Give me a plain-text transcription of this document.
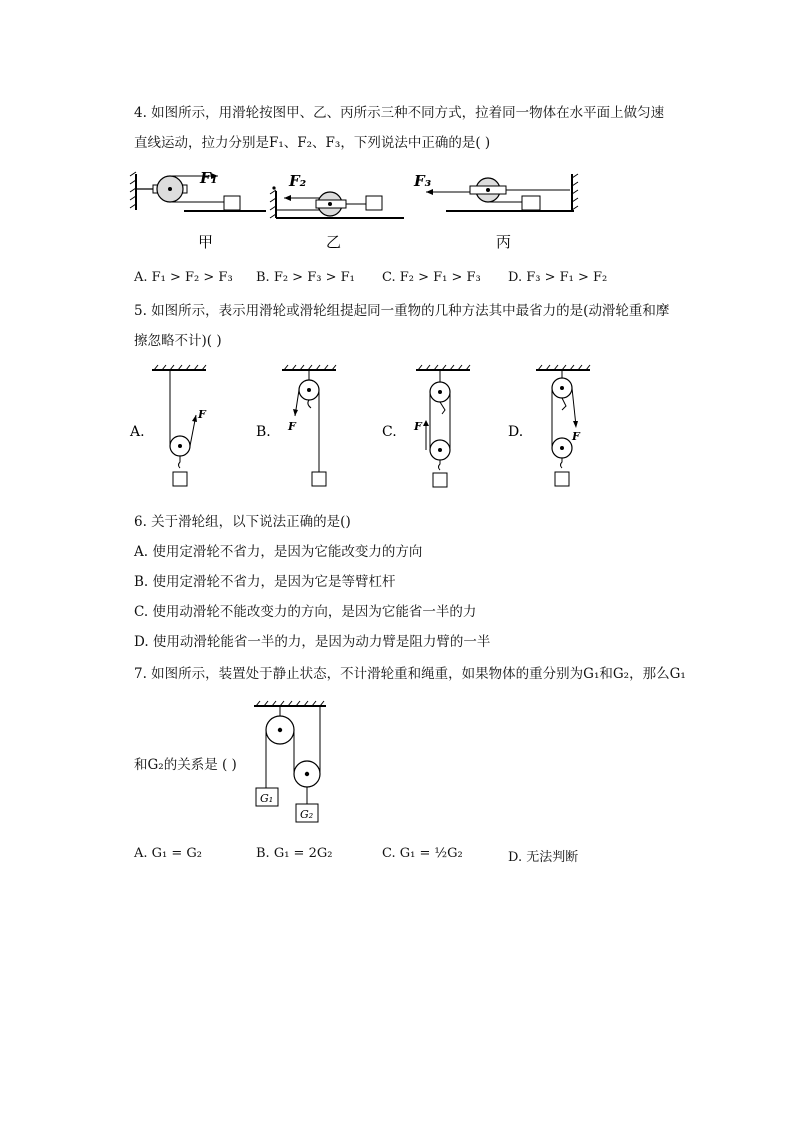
4. 如图所示，用滑轮按图甲、乙、丙所示三种不同方式，拉着同一物体在水平面上做匀速
直线运动，拉力分别是F₁、F₂、F₃，下列说法中正确的是( )
F₁
甲
F₂
乙
F₃
丙
A. F₁ > F₂ > F₃ B. F₂ > F₃ > F₁ C. F₂ > F₁ > F₃ D. F₃ > F₁ > F₂
5. 如图所示，表示用滑轮或滑轮组提起同一重物的几种方法其中最省力的是(动滑轮重和摩
擦忽略不计)( )
A.	B.	C.	D.
F
F	F
F
6. 关于滑轮组，以下说法正确的是()
A. 使用定滑轮不省力，是因为它能改变力的方向
B. 使用定滑轮不省力，是因为它是等臂杠杆
C. 使用动滑轮不能改变力的方向，是因为它能省一半的力
D. 使用动滑轮能省一半的力，是因为动力臂是阻力臂的一半
7. 如图所示，装置处于静止状态，不计滑轮重和绳重，如果物体的重分别为G₁和G₂，那么G₁
G₁
G₂
和G₂的关系是 ( )
A. G₁ = G₂	B. G₁ = 2G₂	C. G₁ = ½G₂	D. 无法判断
